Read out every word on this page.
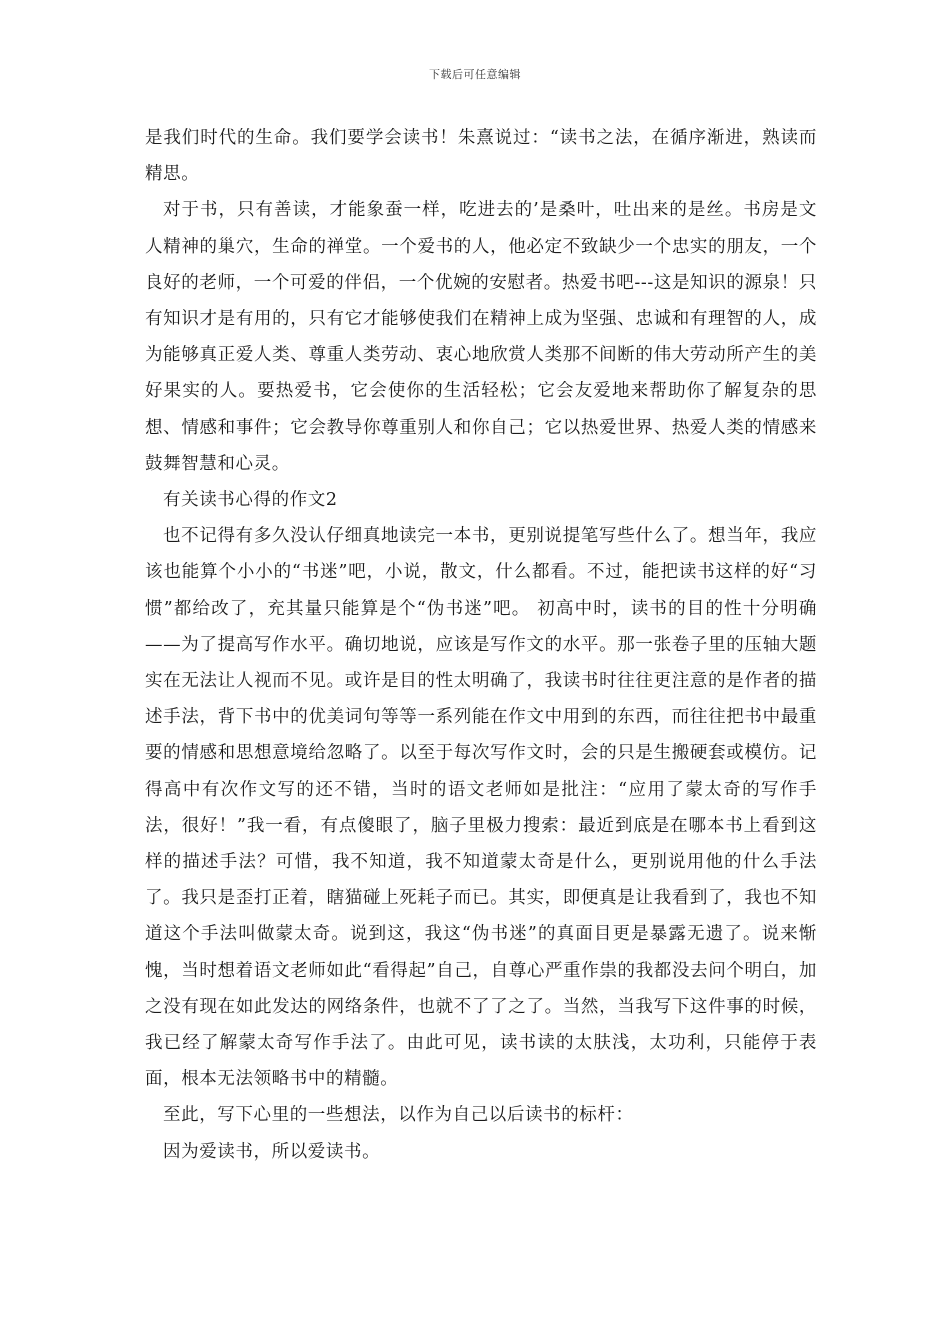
下载后可任意编辑

是我们时代的生命。我们要学会读书！朱熹说过：“读书之法，在循序渐进，熟读而精思。

对于书，只有善读，才能象蚕一样，吃进去的’是桑叶，吐出来的是丝。书房是文人精神的巢穴，生命的禅堂。一个爱书的人，他必定不致缺少一个忠实的朋友，一个良好的老师，一个可爱的伴侣，一个优婉的安慰者。热爱书吧---这是知识的源泉！只有知识才是有用的，只有它才能够使我们在精神上成为坚强、忠诚和有理智的人，成为能够真正爱人类、尊重人类劳动、衷心地欣赏人类那不间断的伟大劳动所产生的美好果实的人。要热爱书，它会使你的生活轻松；它会友爱地来帮助你了解复杂的思想、情感和事件；它会教导你尊重别人和你自己；它以热爱世界、热爱人类的情感来鼓舞智慧和心灵。

有关读书心得的作文2

也不记得有多久没认仔细真地读完一本书，更别说提笔写些什么了。想当年，我应该也能算个小小的“书迷”吧，小说，散文，什么都看。不过，能把读书这样的好“习惯”都给改了，充其量只能算是个“伪书迷”吧。 初高中时，读书的目的性十分明确——为了提高写作水平。确切地说，应该是写作文的水平。那一张卷子里的压轴大题实在无法让人视而不见。或许是目的性太明确了，我读书时往往更注意的是作者的描述手法，背下书中的优美词句等等一系列能在作文中用到的东西，而往往把书中最重要的情感和思想意境给忽略了。以至于每次写作文时，会的只是生搬硬套或模仿。记得高中有次作文写的还不错，当时的语文老师如是批注：“应用了蒙太奇的写作手法，很好！”我一看，有点傻眼了，脑子里极力搜索：最近到底是在哪本书上看到这样的描述手法？可惜，我不知道，我不知道蒙太奇是什么，更别说用他的什么手法了。我只是歪打正着，瞎猫碰上死耗子而已。其实，即便真是让我看到了，我也不知道这个手法叫做蒙太奇。说到这，我这“伪书迷”的真面目更是暴露无遗了。说来惭愧，当时想着语文老师如此“看得起”自己，自尊心严重作祟的我都没去问个明白，加之没有现在如此发达的网络条件，也就不了了之了。当然，当我写下这件事的时候，我已经了解蒙太奇写作手法了。由此可见，读书读的太肤浅，太功利，只能停于表面，根本无法领略书中的精髓。

至此，写下心里的一些想法，以作为自己以后读书的标杆：

因为爱读书，所以爱读书。
